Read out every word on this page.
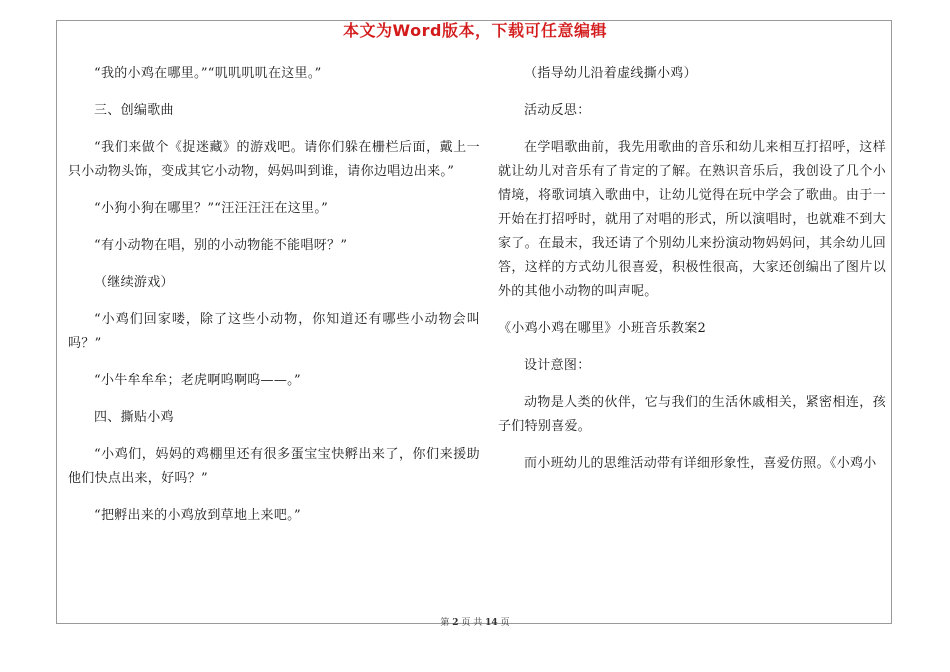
本文为Word版本，下载可任意编辑

“我的小鸡在哪里。”“叽叽叽叽在这里。”

三、创编歌曲

“我们来做个《捉迷藏》的游戏吧。请你们躲在栅栏后面，戴上一只小动物头饰，变成其它小动物，妈妈叫到谁，请你边唱边出来。”

“小狗小狗在哪里？”“汪汪汪汪在这里。”

“有小动物在唱，别的小动物能不能唱呀？”

（继续游戏）

“小鸡们回家喽，除了这些小动物，你知道还有哪些小动物会叫吗？”

“小牛牟牟牟；老虎啊呜啊呜——。”

四、撕贴小鸡

“小鸡们，妈妈的鸡棚里还有很多蛋宝宝快孵出来了，你们来援助他们快点出来，好吗？”

“把孵出来的小鸡放到草地上来吧。”

（指导幼儿沿着虚线撕小鸡）

活动反思：

在学唱歌曲前，我先用歌曲的音乐和幼儿来相互打招呼，这样就让幼儿对音乐有了肯定的了解。在熟识音乐后，我创设了几个小情境，将歌词填入歌曲中，让幼儿觉得在玩中学会了歌曲。由于一开始在打招呼时，就用了对唱的形式，所以演唱时，也就难不到大家了。在最末，我还请了个别幼儿来扮演动物妈妈问，其余幼儿回答，这样的方式幼儿很喜爱，积极性很高，大家还创编出了图片以外的其他小动物的叫声呢。

《小鸡小鸡在哪里》小班音乐教案2

设计意图：

动物是人类的伙伴，它与我们的生活休戚相关，紧密相连，孩子们特别喜爱。

而小班幼儿的思维活动带有详细形象性，喜爱仿照。《小鸡小

第 2 页 共 14 页
